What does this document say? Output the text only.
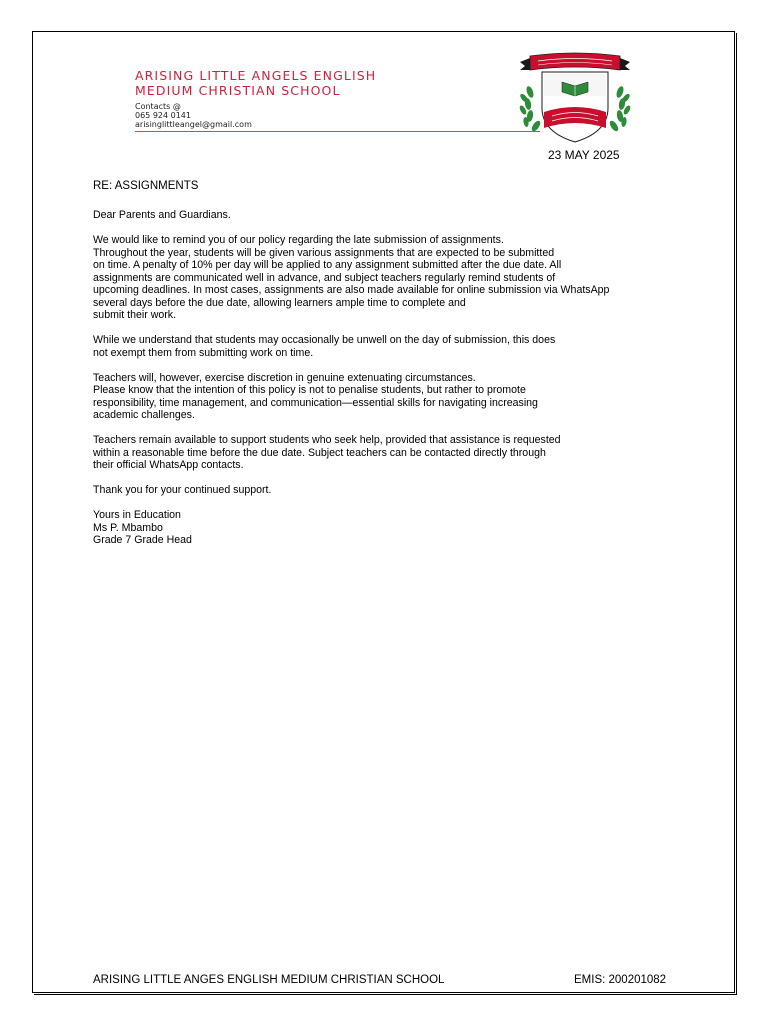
ARISING LITTLE ANGELS ENGLISH
MEDIUM CHRISTIAN SCHOOL
Contacts @
065 924 0141
arisinglittleangel@gmail.com
23 MAY 2025
RE: ASSIGNMENTS
Dear Parents and Guardians.
We would like to remind you of our policy regarding the late submission of assignments.
Throughout the year, students will be given various assignments that are expected to be submitted
on time. A penalty of 10% per day will be applied to any assignment submitted after the due date. All
assignments are communicated well in advance, and subject teachers regularly remind students of
upcoming deadlines. In most cases, assignments are also made available for online submission via WhatsApp
several days before the due date, allowing learners ample time to complete and
submit their work.
While we understand that students may occasionally be unwell on the day of submission, this does
not exempt them from submitting work on time.
Teachers will, however, exercise discretion in genuine extenuating circumstances.
Please know that the intention of this policy is not to penalise students, but rather to promote
responsibility, time management, and communication—essential skills for navigating increasing
academic challenges.
Teachers remain available to support students who seek help, provided that assistance is requested
within a reasonable time before the due date. Subject teachers can be contacted directly through
their official WhatsApp contacts.
Thank you for your continued support.
Yours in Education
Ms P. Mbambo
Grade 7 Grade Head
ARISING LITTLE ANGES ENGLISH MEDIUM CHRISTIAN SCHOOL	EMIS: 200201082
